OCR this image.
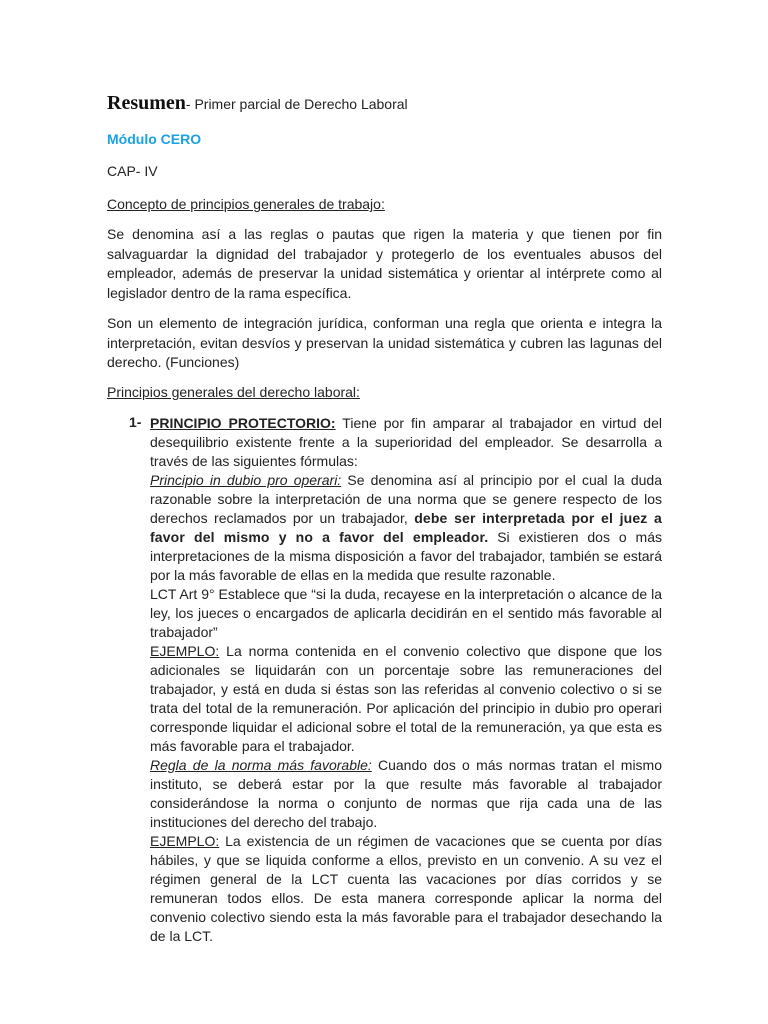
Resumen- Primer parcial de Derecho Laboral
Módulo CERO
CAP- IV
Concepto de principios generales de trabajo:

Se denomina así a las reglas o pautas que rigen la materia y que tienen por fin salvaguardar la dignidad del trabajador y protegerlo de los eventuales abusos del empleador, además de preservar la unidad sistemática y orientar al intérprete como al legislador dentro de la rama específica.

Son un elemento de integración jurídica, conforman una regla que orienta e integra la interpretación, evitan desvíos y preservan la unidad sistemática y cubren las lagunas del derecho. (Funciones)

Principios generales del derecho laboral:
1- PRINCIPIO PROTECTORIO: Tiene por fin amparar al trabajador en virtud del desequilibrio existente frente a la superioridad del empleador. Se desarrolla a través de las siguientes fórmulas:
Principio in dubio pro operari: Se denomina así al principio por el cual la duda razonable sobre la interpretación de una norma que se genere respecto de los derechos reclamados por un trabajador, debe ser interpretada por el juez a favor del mismo y no a favor del empleador. Si existieren dos o más interpretaciones de la misma disposición a favor del trabajador, también se estará por la más favorable de ellas en la medida que resulte razonable.
LCT Art 9° Establece que “si la duda, recayese en la interpretación o alcance de la ley, los jueces o encargados de aplicarla decidirán en el sentido más favorable al trabajador”
EJEMPLO: La norma contenida en el convenio colectivo que dispone que los adicionales se liquidarán con un porcentaje sobre las remuneraciones del trabajador, y está en duda si éstas son las referidas al convenio colectivo o si se trata del total de la remuneración. Por aplicación del principio in dubio pro operari corresponde liquidar el adicional sobre el total de la remuneración, ya que esta es más favorable para el trabajador.
Regla de la norma más favorable: Cuando dos o más normas tratan el mismo instituto, se deberá estar por la que resulte más favorable al trabajador considerándose la norma o conjunto de normas que rija cada una de las instituciones del derecho del trabajo.
EJEMPLO: La existencia de un régimen de vacaciones que se cuenta por días hábiles, y que se liquida conforme a ellos, previsto en un convenio. A su vez el régimen general de la LCT cuenta las vacaciones por días corridos y se remuneran todos ellos. De esta manera corresponde aplicar la norma del convenio colectivo siendo esta la más favorable para el trabajador desechando la de la LCT.
